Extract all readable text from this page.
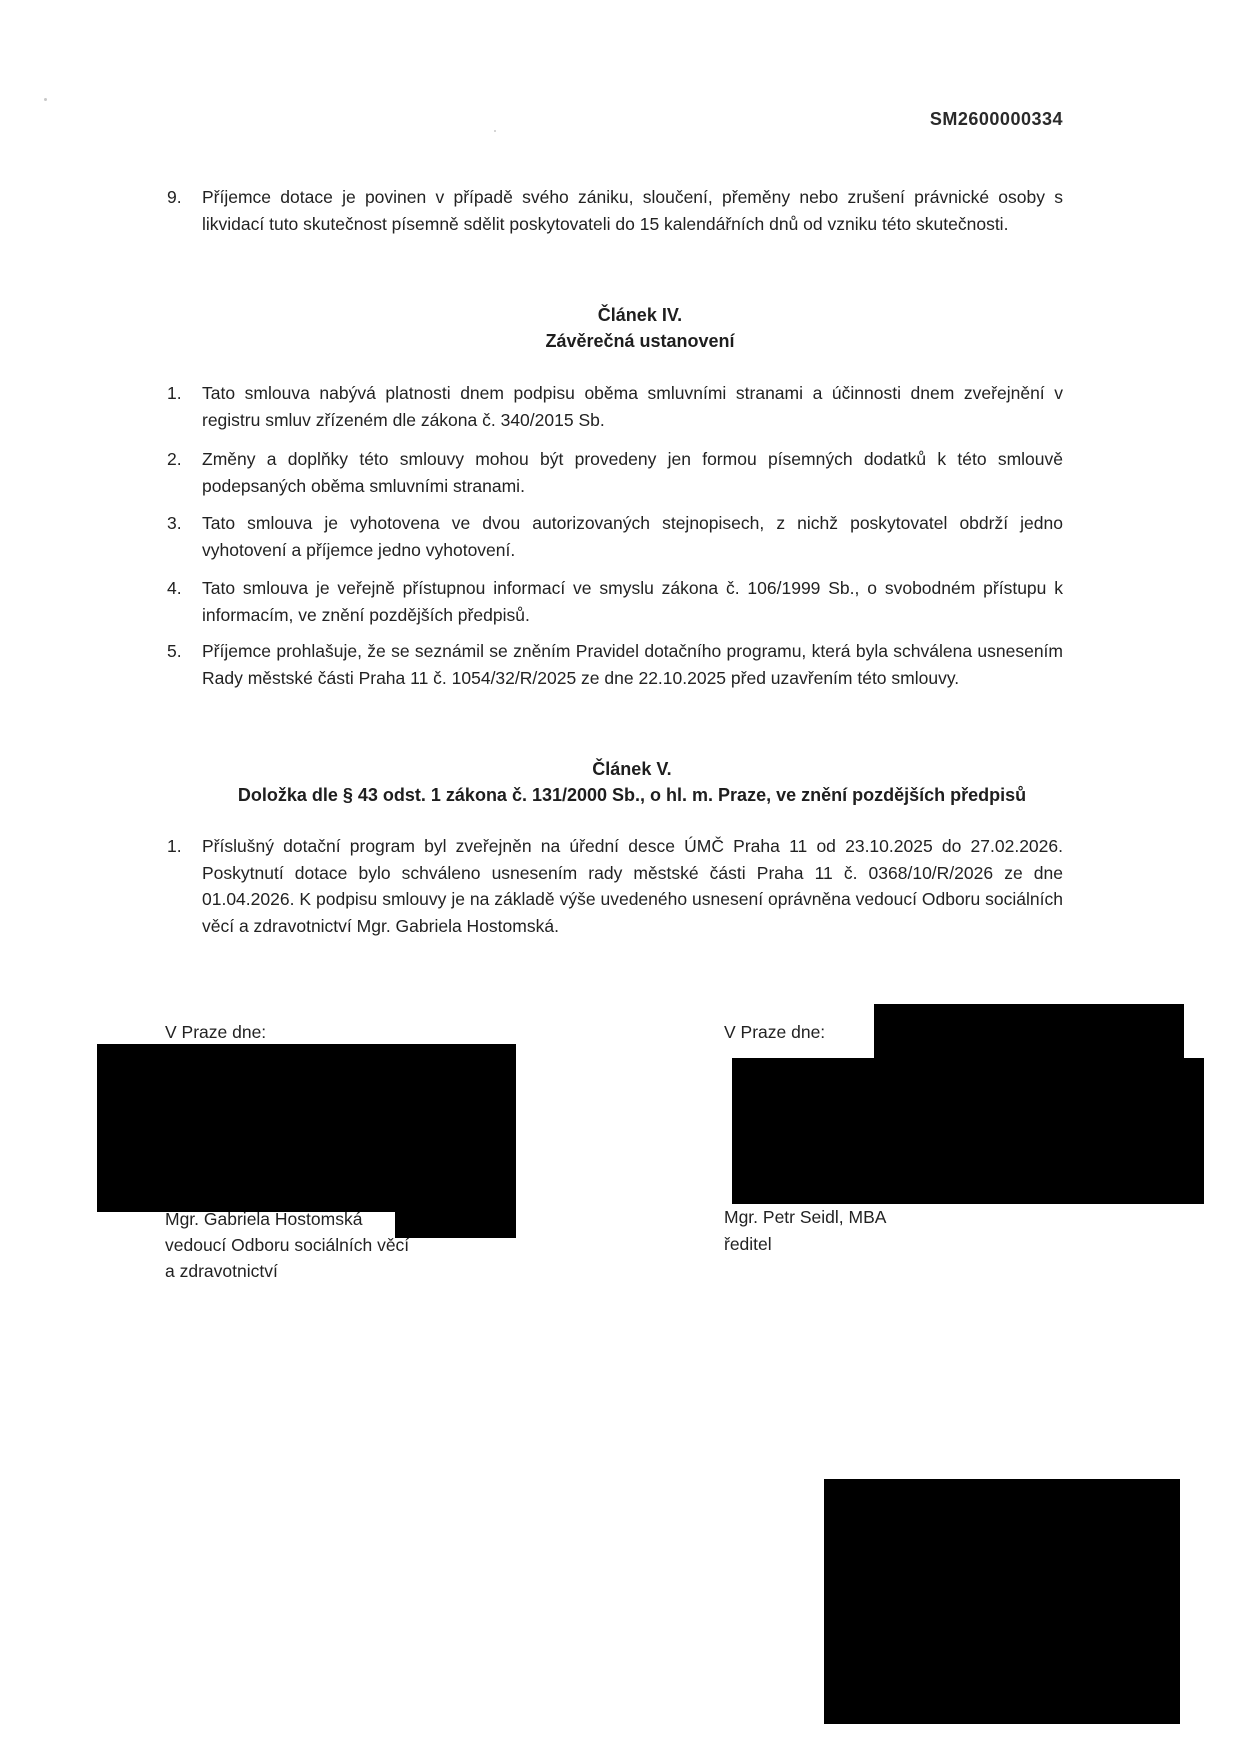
SM2600000334
9.	Příjemce dotace je povinen v případě svého zániku, sloučení, přeměny nebo zrušení právnické osoby s likvidací tuto skutečnost písemně sdělit poskytovateli do 15 kalendářních dnů od vzniku této skutečnosti.
Článek IV.
Závěrečná ustanovení
1.	Tato smlouva nabývá platnosti dnem podpisu oběma smluvními stranami a účinnosti dnem zveřejnění v registru smluv zřízeném dle zákona č. 340/2015 Sb.
2.	Změny a doplňky této smlouvy mohou být provedeny jen formou písemných dodatků k této smlouvě podepsaných oběma smluvními stranami.
3.	Tato smlouva je vyhotovena ve dvou autorizovaných stejnopisech, z nichž poskytovatel obdrží jedno vyhotovení a příjemce jedno vyhotovení.
4.	Tato smlouva je veřejně přístupnou informací ve smyslu zákona č. 106/1999 Sb., o svobodném přístupu k informacím, ve znění pozdějších předpisů.
5.	Příjemce prohlašuje, že se seznámil se zněním Pravidel dotačního programu, která byla schválena usnesením Rady městské části Praha 11 č. 1054/32/R/2025 ze dne 22.10.2025 před uzavřením této smlouvy.
Článek V.
Doložka dle § 43 odst. 1 zákona č. 131/2000 Sb., o hl. m. Praze, ve znění pozdějších předpisů
1.	Příslušný dotační program byl zveřejněn na úřední desce ÚMČ Praha 11 od 23.10.2025 do 27.02.2026. Poskytnutí dotace bylo schváleno usnesením rady městské části Praha 11 č. 0368/10/R/2026 ze dne 01.04.2026. K podpisu smlouvy je na základě výše uvedeného usnesení oprávněna vedoucí Odboru sociálních věcí a zdravotnictví Mgr. Gabriela Hostomská.
V Praze dne:
Mgr. Gabriela Hostomská
vedoucí Odboru sociálních věcí
a zdravotnictví
V Praze dne:
Mgr. Petr Seidl, MBA
ředitel
